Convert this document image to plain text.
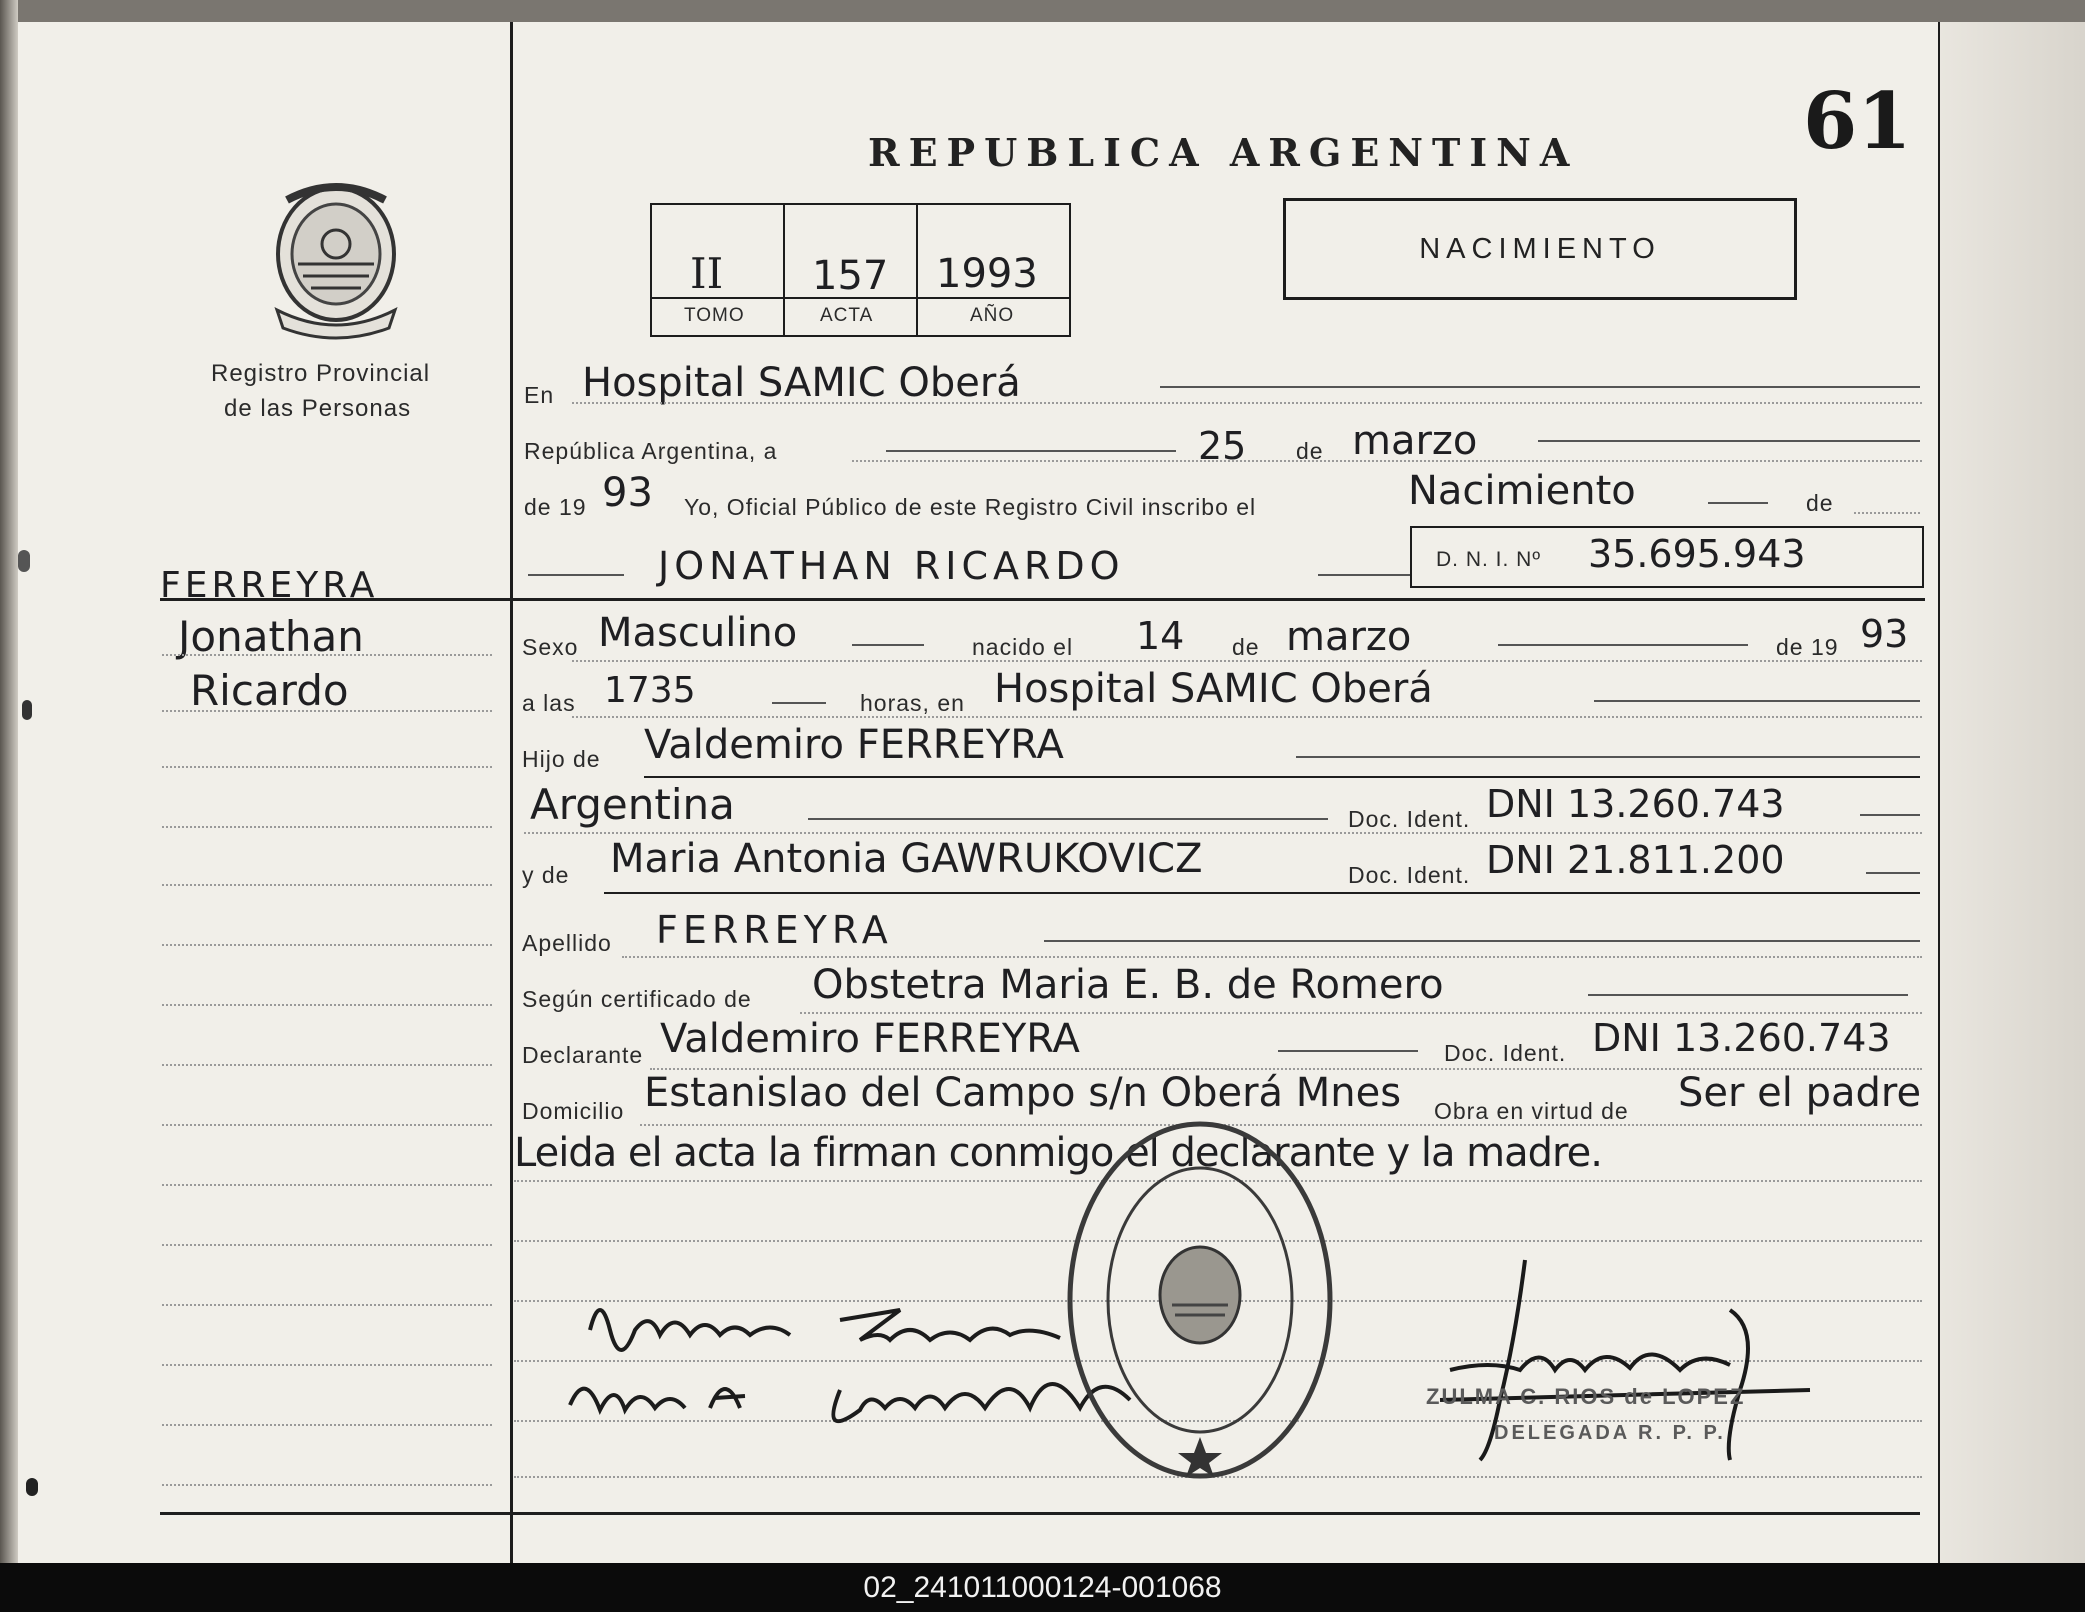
61
REPUBLICA ARGENTINA
NACIMIENTO
II 157 1993
TOMO	ACTA	AÑO
Registro Provincial
de las Personas
FERREYRA
Jonathan
Ricardo
En Hospital SAMIC Oberá
República Argentina, a	25 de marzo
de 19 93 Yo, Oficial Público de este Registro Civil inscribo el	Nacimiento	de
JONATHAN RICARDO	D. N. I. Nº 35.695.943
Sexo Masculino	nacido el 14 de marzo	de 19 93
a las 1735	horas, en Hospital SAMIC Oberá
Hijo de Valdemiro FERREYRA
Argentina	Doc. Ident. DNI 13.260.743
y de Maria Antonia GAWRUKOVICZ	Doc. Ident. DNI 21.811.200
Apellido FERREYRA
Según certificado de Obstetra Maria E. B. de Romero
Declarante Valdemiro FERREYRA	Doc. Ident. DNI 13.260.743
Domicilio Estanislao del Campo s/n Oberá Mnes Obra en virtud de Ser el padre
Leida el acta la firman conmigo el declarante y la madre.
ZULMA C. RIOS de LOPEZ
DELEGADA R. P. P.
02_241011000124-001068
